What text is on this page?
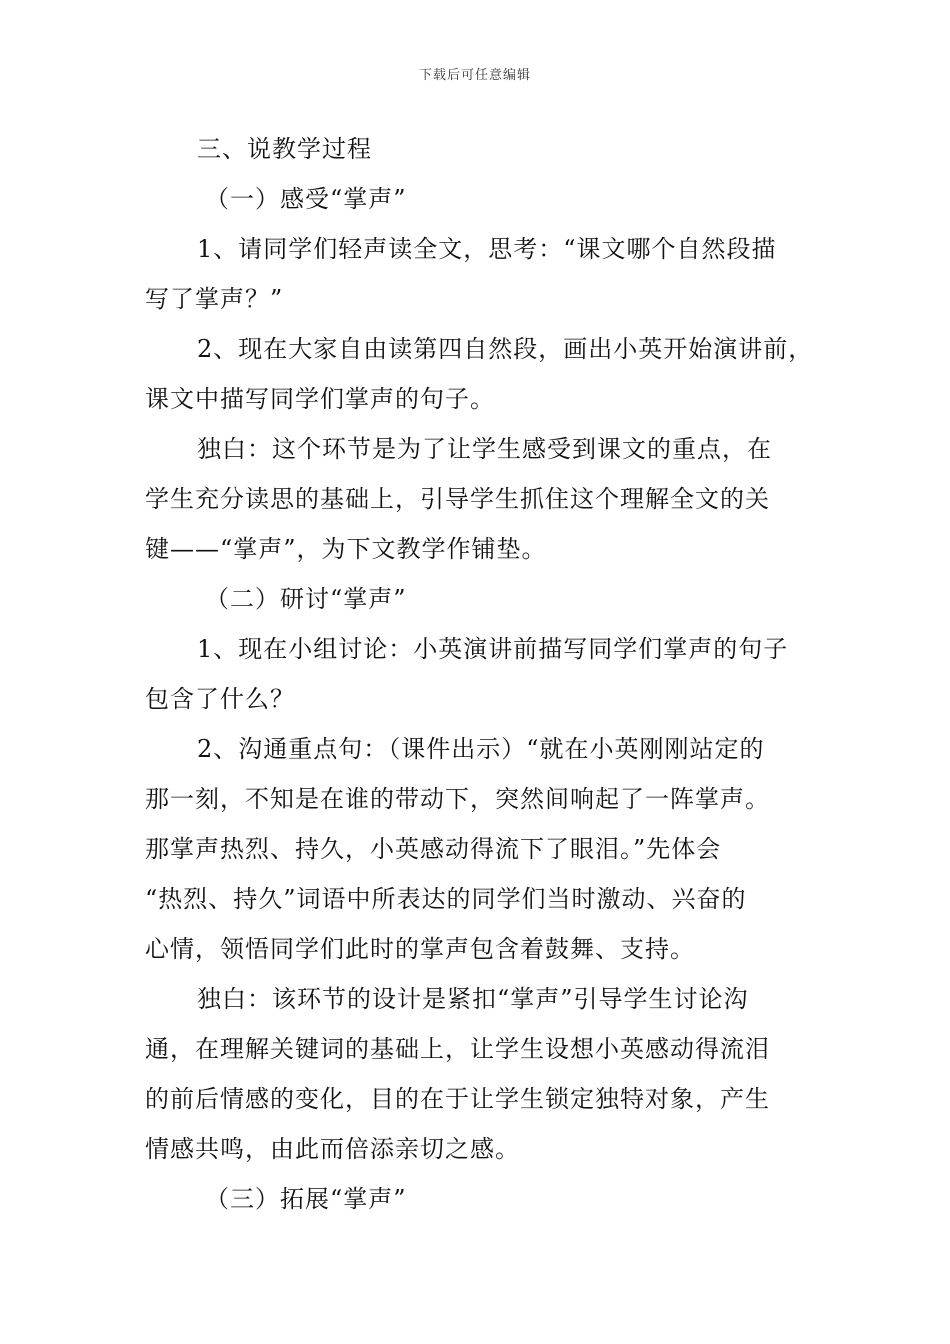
下载后可任意编辑
三、说教学过程
（一）感受“掌声”
1、请同学们轻声读全文，思考：“课文哪个自然段描
写了掌声？”
2、现在大家自由读第四自然段，画出小英开始演讲前，
课文中描写同学们掌声的句子。
独白：这个环节是为了让学生感受到课文的重点，在
学生充分读思的基础上，引导学生抓住这个理解全文的关
键——“掌声”，为下文教学作铺垫。
（二）研讨“掌声”
1、现在小组讨论：小英演讲前描写同学们掌声的句子
包含了什么？
2、沟通重点句：（课件出示）“就在小英刚刚站定的
那一刻，不知是在谁的带动下，突然间响起了一阵掌声。
那掌声热烈、持久，小英感动得流下了眼泪。”先体会
“热烈、持久”词语中所表达的同学们当时激动、兴奋的
心情，领悟同学们此时的掌声包含着鼓舞、支持。
独白：该环节的设计是紧扣“掌声”引导学生讨论沟
通，在理解关键词的基础上，让学生设想小英感动得流泪
的前后情感的变化，目的在于让学生锁定独特对象，产生
情感共鸣，由此而倍添亲切之感。
（三）拓展“掌声”
